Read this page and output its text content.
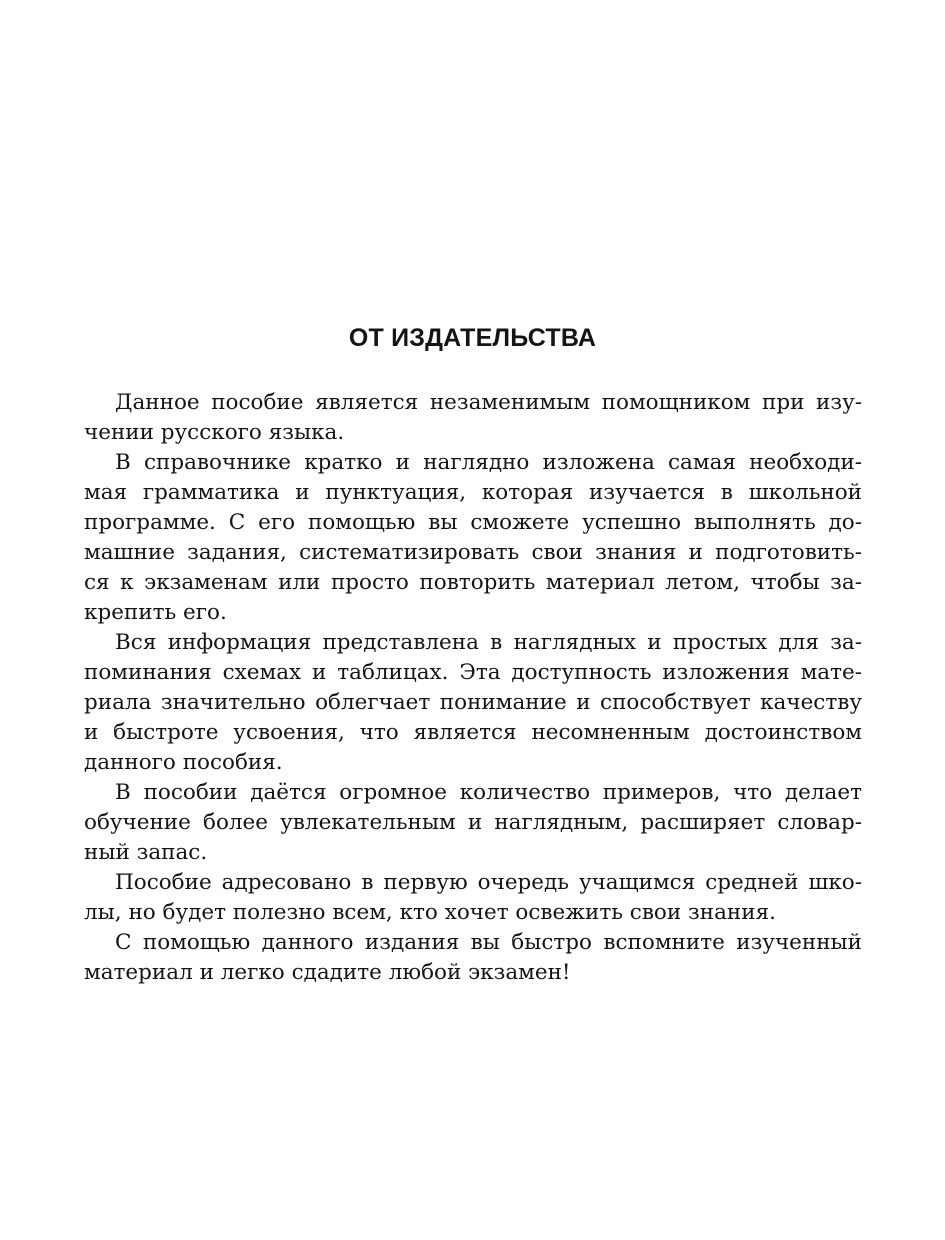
ОТ ИЗДАТЕЛЬСТВА
Данное пособие является незаменимым помощником при изу-
чении русского языка.
В справочнике кратко и наглядно изложена самая необходи-
мая грамматика и пунктуация, которая изучается в школьной
программе. С его помощью вы сможете успешно выполнять до-
машние задания, систематизировать свои знания и подготовить-
ся к экзаменам или просто повторить материал летом, чтобы за-
крепить его.
Вся информация представлена в наглядных и простых для за-
поминания схемах и таблицах. Эта доступность изложения мате-
риала значительно облегчает понимание и способствует качеству
и быстроте усвоения, что является несомненным достоинством
данного пособия.
В пособии даётся огромное количество примеров, что делает
обучение более увлекательным и наглядным, расширяет словар-
ный запас.
Пособие адресовано в первую очередь учащимся средней шко-
лы, но будет полезно всем, кто хочет освежить свои знания.
С помощью данного издания вы быстро вспомните изученный
материал и легко сдадите любой экзамен!
